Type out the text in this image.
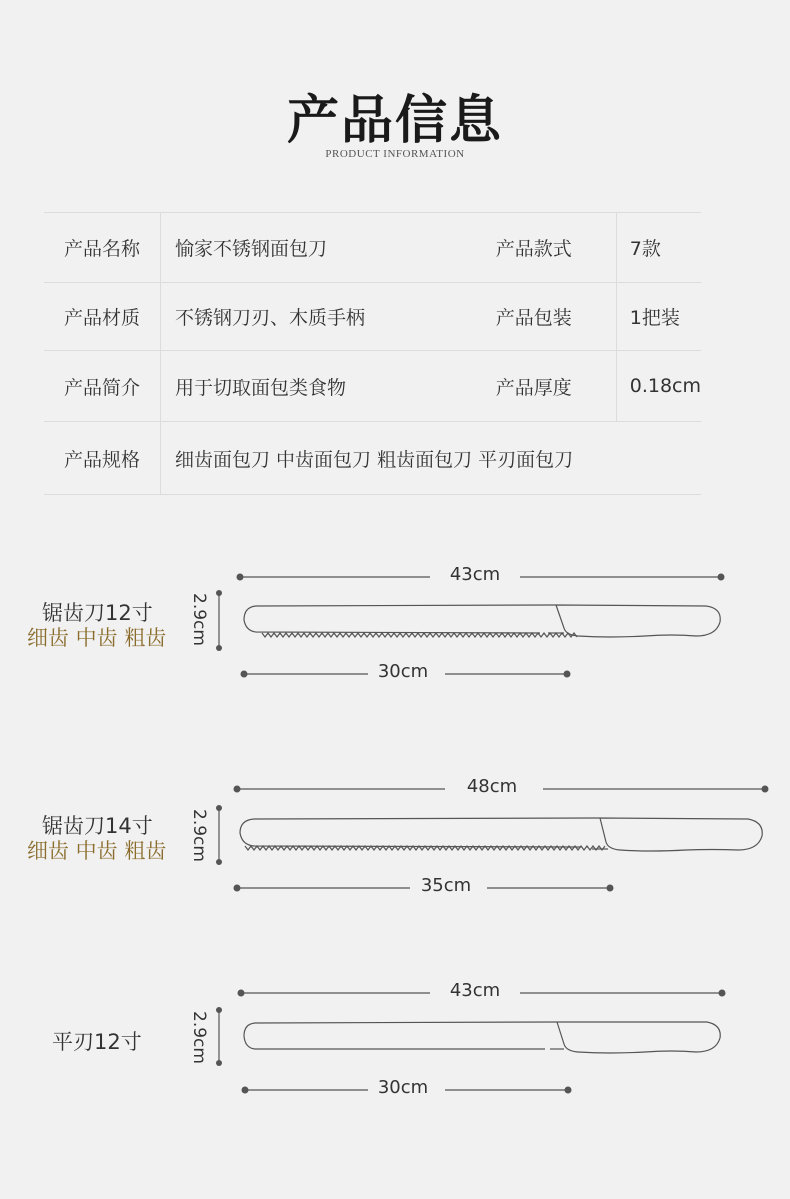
产品信息
PRODUCT INFORMATION
产品名称	愉家不锈钢面包刀	产品款式	7款
产品材质	不锈钢刀刃、木质手柄	产品包装	1把装
产品简介	用于切取面包类食物	产品厚度	0.18cm
产品规格	细齿面包刀 中齿面包刀 粗齿面包刀 平刃面包刀		
锯齿刀12寸
细齿 中齿 粗齿 2.9cm
43cm
30cm
锯齿刀14寸
细齿 中齿 粗齿 2.9cm
48cm
35cm
平刃12寸	2.9cm
43cm
30cm
